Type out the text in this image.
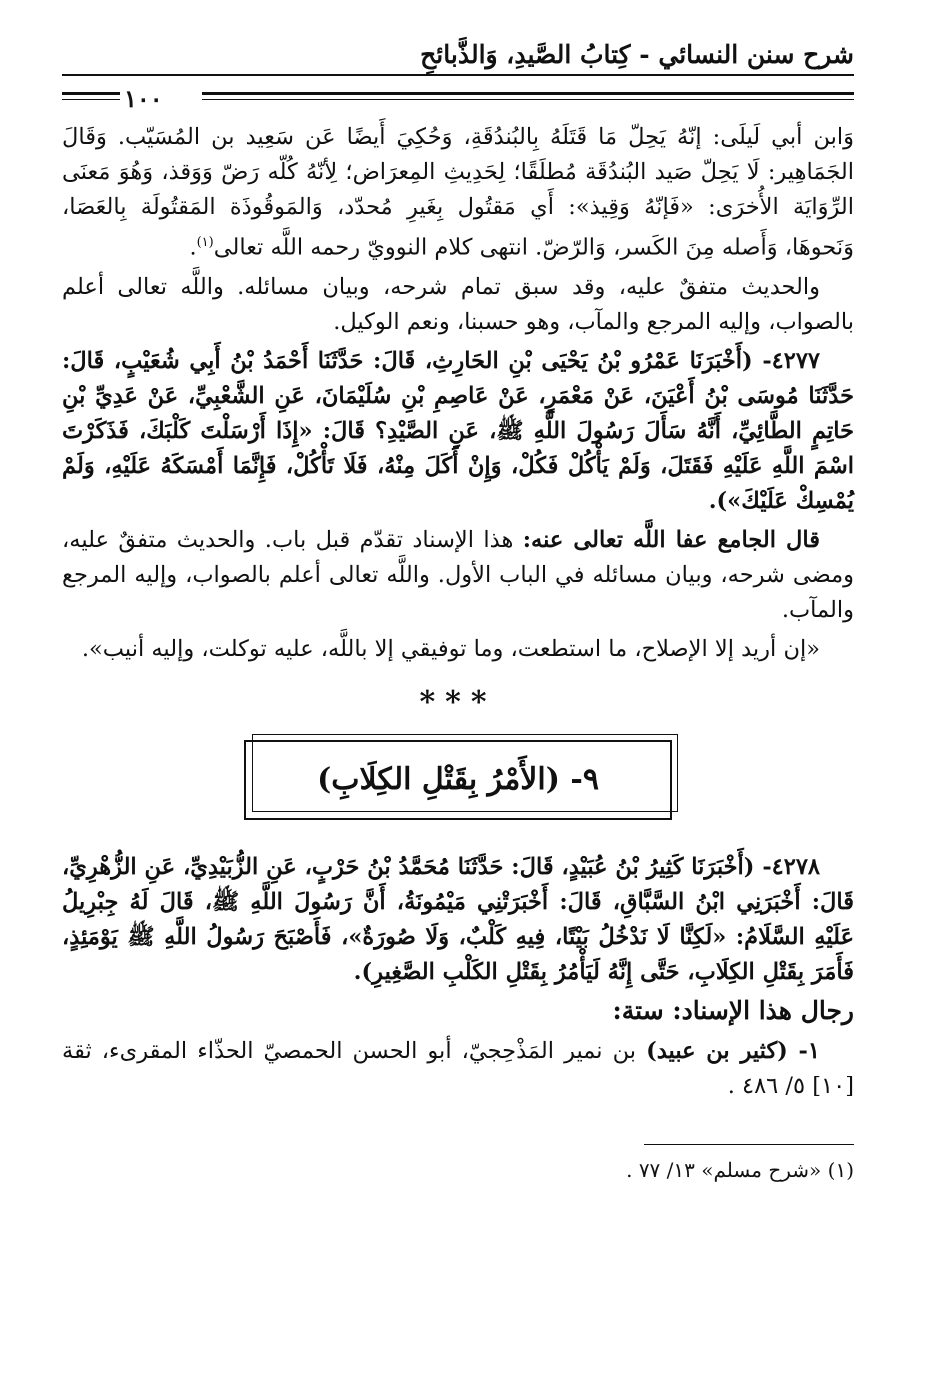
شرح سنن النسائي - كِتابُ الصَّيدِ، وَالذَّبائحِ
١٠٠

وَابن أبي لَيلَى: إنّهُ يَحِلّ مَا قَتَلَهُ بِالبُندُقَةِ، وَحُكِيَ أَيضًا عَن سَعِيد بن المُسَيّب. وَقَالَ الجَمَاهِير: لَا يَحِلّ صَيد البُندُقَة مُطلَقًا؛ لِحَدِيثِ المِعرَاض؛ لِأنّهُ كُلّه رَضّ وَوَقذ، وَهُوَ مَعنَى الرِّوَايَة الأُخرَى: «فَإنّهُ وَقِيذ»: أَي مَقتُول بِغَيرِ مُحدّد، وَالمَوقُوذَة المَقتُولَة بِالعَصَا، وَنَحوهَا، وَأَصله مِنَ الكَسر، وَالرّضّ. انتهى كلام النوويّ رحمه اللَّه تعالى$^{(١)}$.

والحديث متفقٌ عليه، وقد سبق تمام شرحه، وبيان مسائله. واللَّه تعالى أعلم بالصواب، وإليه المرجع والمآب، وهو حسبنا، ونعم الوكيل.

٤٢٧٧- (أَخْبَرَنَا عَمْرُو بْنُ يَحْيَى بْنِ الحَارِثِ، قَالَ: حَدَّثَنَا أَحْمَدُ بْنُ أَبِي شُعَيْبٍ، قَالَ: حَدَّثَنَا مُوسَى بْنُ أَعْيَنَ، عَنْ مَعْمَرٍ، عَنْ عَاصِمِ بْنِ سُلَيْمَانَ، عَنِ الشَّعْبِيِّ، عَنْ عَدِيِّ بْنِ حَاتِمٍ الطَّائِيِّ، أَنَّهُ سَأَلَ رَسُولَ اللَّهِ ﷺ، عَنِ الصَّيْدِ؟ قَالَ: «إِذَا أَرْسَلْتَ كَلْبَكَ، فَذَكَرْتَ اسْمَ اللَّهِ عَلَيْهِ فَقَتَلَ، وَلَمْ يَأْكُلْ فَكُلْ، وَإِنْ أَكَلَ مِنْهُ، فَلَا تَأْكُلْ، فَإِنَّمَا أَمْسَكَهُ عَلَيْهِ، وَلَمْ يُمْسِكْ عَلَيْكَ»).

قال الجامع عفا اللَّه تعالى عنه: هذا الإسناد تقدّم قبل باب. والحديث متفقٌ عليه، ومضى شرحه، وبيان مسائله في الباب الأول. واللَّه تعالى أعلم بالصواب، وإليه المرجع والمآب.

«إن أريد إلا الإصلاح، ما استطعت، وما توفيقي إلا باللَّه، عليه توكلت، وإليه أنيب».

***
٩- (الأَمْرُ بِقَتْلِ الكِلَابِ)

٤٢٧٨- (أَخْبَرَنَا كَثِيرُ بْنُ عُبَيْدٍ، قَالَ: حَدَّثَنَا مُحَمَّدُ بْنُ حَرْبٍ، عَنِ الزُّبَيْدِيِّ، عَنِ الزُّهْرِيِّ، قَالَ: أَخْبَرَنِي ابْنُ السَّبَّاقِ، قَالَ: أَخْبَرَتْنِي مَيْمُونَةُ، أَنَّ رَسُولَ اللَّهِ ﷺ، قَالَ لَهُ جِبْرِيلُ عَلَيْهِ السَّلَامُ: «لَكِنَّا لَا نَدْخُلُ بَيْتًا، فِيهِ كَلْبٌ، وَلَا صُورَةٌ»، فَأَصْبَحَ رَسُولُ اللَّهِ ﷺ يَوْمَئِذٍ، فَأَمَرَ بِقَتْلِ الكِلَابِ، حَتَّى إِنَّهُ لَيَأْمُرُ بِقَتْلِ الكَلْبِ الصَّغِيرِ).

رجال هذا الإسناد: ستة:

١- (كثير بن عبيد) بن نمير المَذْحِجيّ، أبو الحسن الحمصيّ الحذّاء المقرىء، ثقة [١٠] ٥/ ٤٨٦ .

(١) «شرح مسلم» ١٣/ ٧٧ .
